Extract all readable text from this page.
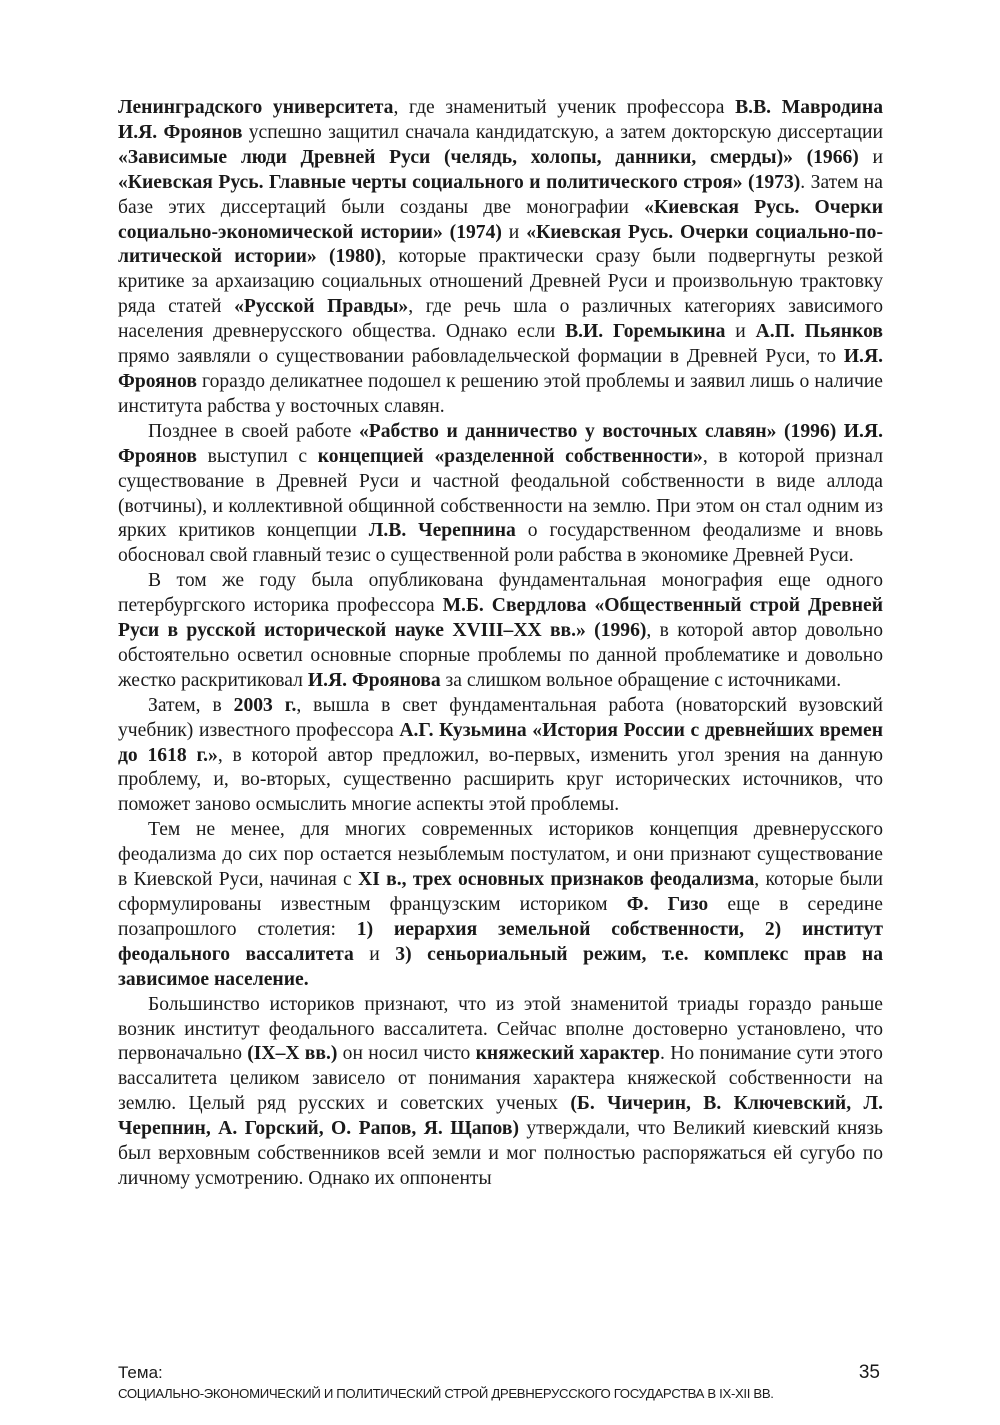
Ленинградского университета, где знаменитый ученик профессора В.В. Мавродина И.Я. Фроянов успешно защитил сначала кандидатскую, а затем докторскую диссертации «Зависимые люди Древней Руси (челядь, холопы, данники, смерды)» (1966) и «Киевская Русь. Главные черты социального и политического строя» (1973). Затем на базе этих диссертаций были созданы две монографии «Киевская Русь. Очерки социально-экономической истории» (1974) и «Киевская Русь. Очерки социально-политической истории» (1980), которые практически сразу были подвергнуты резкой критике за архаизацию социальных отношений Древней Руси и произвольную трактовку ряда статей «Русской Правды», где речь шла о различных категориях зависимого населения древнерусского общества. Однако если В.И. Горемыкина и А.П. Пьянков прямо заявляли о существовании рабовладельческой формации в Древней Руси, то И.Я. Фроянов гораздо деликатнее подошел к решению этой проблемы и заявил лишь о наличие института рабства у восточных славян.

Позднее в своей работе «Рабство и данничество у восточных славян» (1996) И.Я. Фроянов выступил с концепцией «разделенной собственности», в которой признал существование в Древней Руси и частной феодальной собственности в виде аллода (вотчины), и коллективной общинной собственности на землю. При этом он стал одним из ярких критиков концепции Л.В. Черепнина о государственном феодализме и вновь обосновал свой главный тезис о существенной роли рабства в экономике Древней Руси.

В том же году была опубликована фундаментальная монография еще одного петербургского историка профессора М.Б. Свердлова «Общественный строй Древней Руси в русской исторической науке XVIII–XX вв.» (1996), в которой автор довольно обстоятельно осветил основные спорные проблемы по данной проблематике и довольно жестко раскритиковал И.Я. Фроянова за слишком вольное обращение с источниками.

Затем, в 2003 г., вышла в свет фундаментальная работа (новаторский вузовский учебник) известного профессора А.Г. Кузьмина «История России с древнейших времен до 1618 г.», в которой автор предложил, во-первых, изменить угол зрения на данную проблему, и, во-вторых, существенно расширить круг исторических источников, что поможет заново осмыслить многие аспекты этой проблемы.

Тем не менее, для многих современных историков концепция древнерусского феодализма до сих пор остается незыблемым постулатом, и они признают существование в Киевской Руси, начиная с XI в., трех основных признаков феодализма, которые были сформулированы известным французским историком Ф. Гизо еще в середине позапрошлого столетия: 1) иерархия земельной собственности, 2) институт феодального вассалитета и 3) сеньориальный режим, т.е. комплекс прав на зависимое население.

Большинство историков признают, что из этой знаменитой триады гораздо раньше возник институт феодального вассалитета. Сейчас вполне достоверно установлено, что первоначально (IX–X вв.) он носил чисто княжеский характер. Но понимание сути этого вассалитета целиком зависело от понимания характера княжеской собственности на землю. Целый ряд русских и советских ученых (Б. Чичерин, В. Ключевский, Л. Черепнин, А. Горский, О. Рапов, Я. Щапов) утверждали, что Великий киевский князь был верховным собственников всей земли и мог полностью распоряжаться ей сугубо по личному усмотрению. Однако их оппоненты

Тема:
СОЦИАЛЬНО-ЭКОНОМИЧЕСКИЙ И ПОЛИТИЧЕСКИЙ СТРОЙ ДРЕВНЕРУССКОГО ГОСУДАРСТВА В IX-XII ВВ.
35
